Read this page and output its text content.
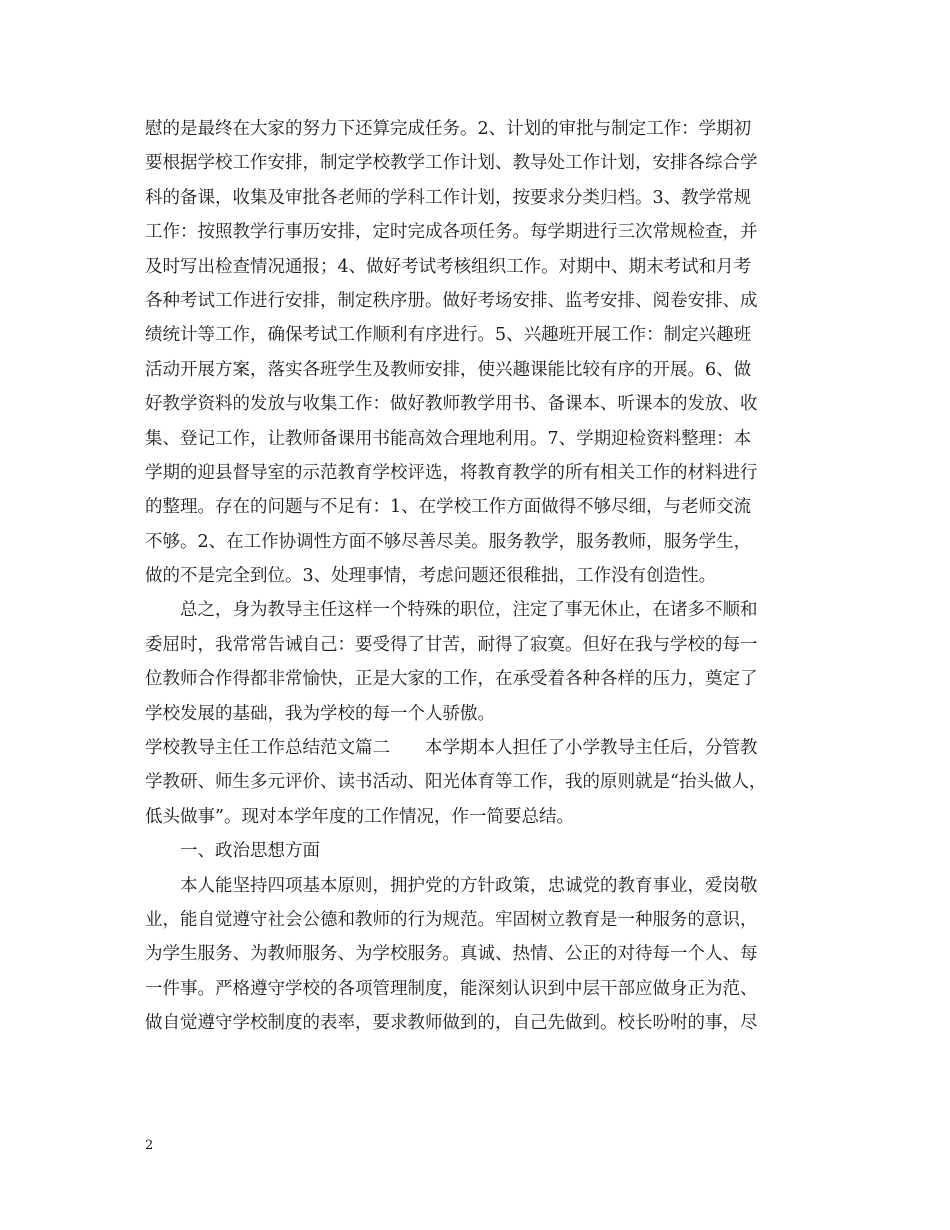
慰的是最终在大家的努力下还算完成任务。2、计划的审批与制定工作：学期初
要根据学校工作安排，制定学校教学工作计划、教导处工作计划，安排各综合学
科的备课，收集及审批各老师的学科工作计划，按要求分类归档。3、教学常规
工作：按照教学行事历安排，定时完成各项任务。每学期进行三次常规检查，并
及时写出检查情况通报；4、做好考试考核组织工作。对期中、期末考试和月考
各种考试工作进行安排，制定秩序册。做好考场安排、监考安排、阅卷安排、成
绩统计等工作，确保考试工作顺利有序进行。5、兴趣班开展工作：制定兴趣班
活动开展方案，落实各班学生及教师安排，使兴趣课能比较有序的开展。6、做
好教学资料的发放与收集工作：做好教师教学用书、备课本、听课本的发放、收
集、登记工作，让教师备课用书能高效合理地利用。7、学期迎检资料整理：本
学期的迎县督导室的示范教育学校评选，将教育教学的所有相关工作的材料进行
的整理。存在的问题与不足有：1、在学校工作方面做得不够尽细，与老师交流
不够。2、在工作协调性方面不够尽善尽美。服务教学，服务教师，服务学生，
做的不是完全到位。3、处理事情，考虑问题还很稚拙，工作没有创造性。
总之，身为教导主任这样一个特殊的职位，注定了事无休止，在诸多不顺和
委屈时，我常常告诫自己：要受得了甘苦，耐得了寂寞。但好在我与学校的每一
位教师合作得都非常愉快，正是大家的工作，在承受着各种各样的压力，奠定了
学校发展的基础，我为学校的每一个人骄傲。
学校教导主任工作总结范文篇二　　本学期本人担任了小学教导主任后，分管教
学教研、师生多元评价、读书活动、阳光体育等工作，我的原则就是“抬头做人，
低头做事”。现对本学年度的工作情况，作一简要总结。
一、政治思想方面
本人能坚持四项基本原则，拥护党的方针政策，忠诚党的教育事业，爱岗敬
业，能自觉遵守社会公德和教师的行为规范。牢固树立教育是一种服务的意识，
为学生服务、为教师服务、为学校服务。真诚、热情、公正的对待每一个人、每
一件事。严格遵守学校的各项管理制度，能深刻认识到中层干部应做身正为范、
做自觉遵守学校制度的表率，要求教师做到的，自己先做到。校长吩咐的事，尽
2
